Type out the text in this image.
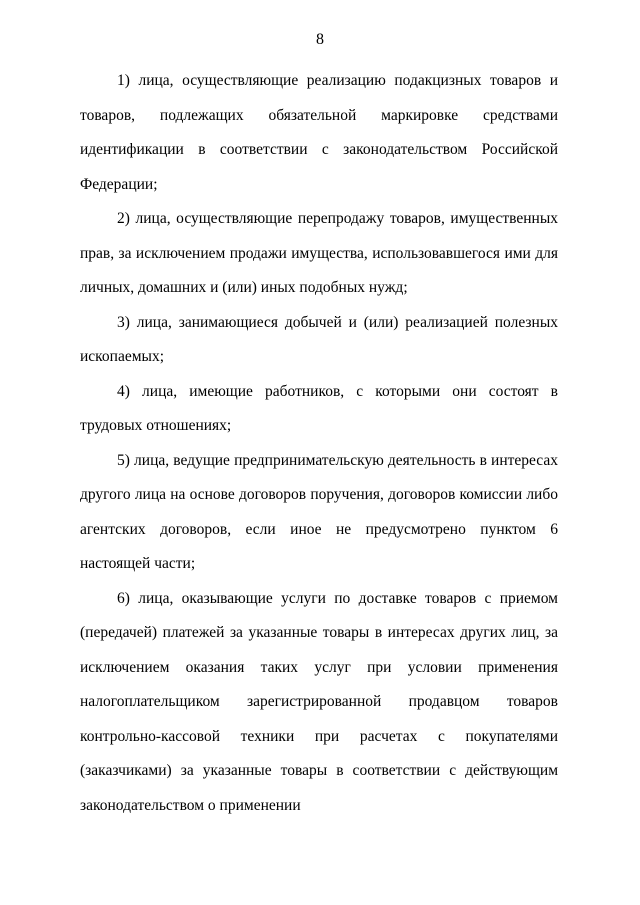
8

1) лица, осуществляющие реализацию подакцизных товаров и товаров, подлежащих обязательной маркировке средствами идентификации в соответствии с законодательством Российской Федерации;

2) лица, осуществляющие перепродажу товаров, имущественных прав, за исключением продажи имущества, использовавшегося ими для личных, домашних и (или) иных подобных нужд;

3) лица, занимающиеся добычей и (или) реализацией полезных ископаемых;

4) лица, имеющие работников, с которыми они состоят в трудовых отношениях;

5) лица, ведущие предпринимательскую деятельность в интересах другого лица на основе договоров поручения, договоров комиссии либо агентских договоров, если иное не предусмотрено пунктом 6 настоящей части;

6) лица, оказывающие услуги по доставке товаров с приемом (передачей) платежей за указанные товары в интересах других лиц, за исключением оказания таких услуг при условии применения налогоплательщиком зарегистрированной продавцом товаров контрольно-кассовой техники при расчетах с покупателями (заказчиками) за указанные товары в соответствии с действующим законодательством о применении
